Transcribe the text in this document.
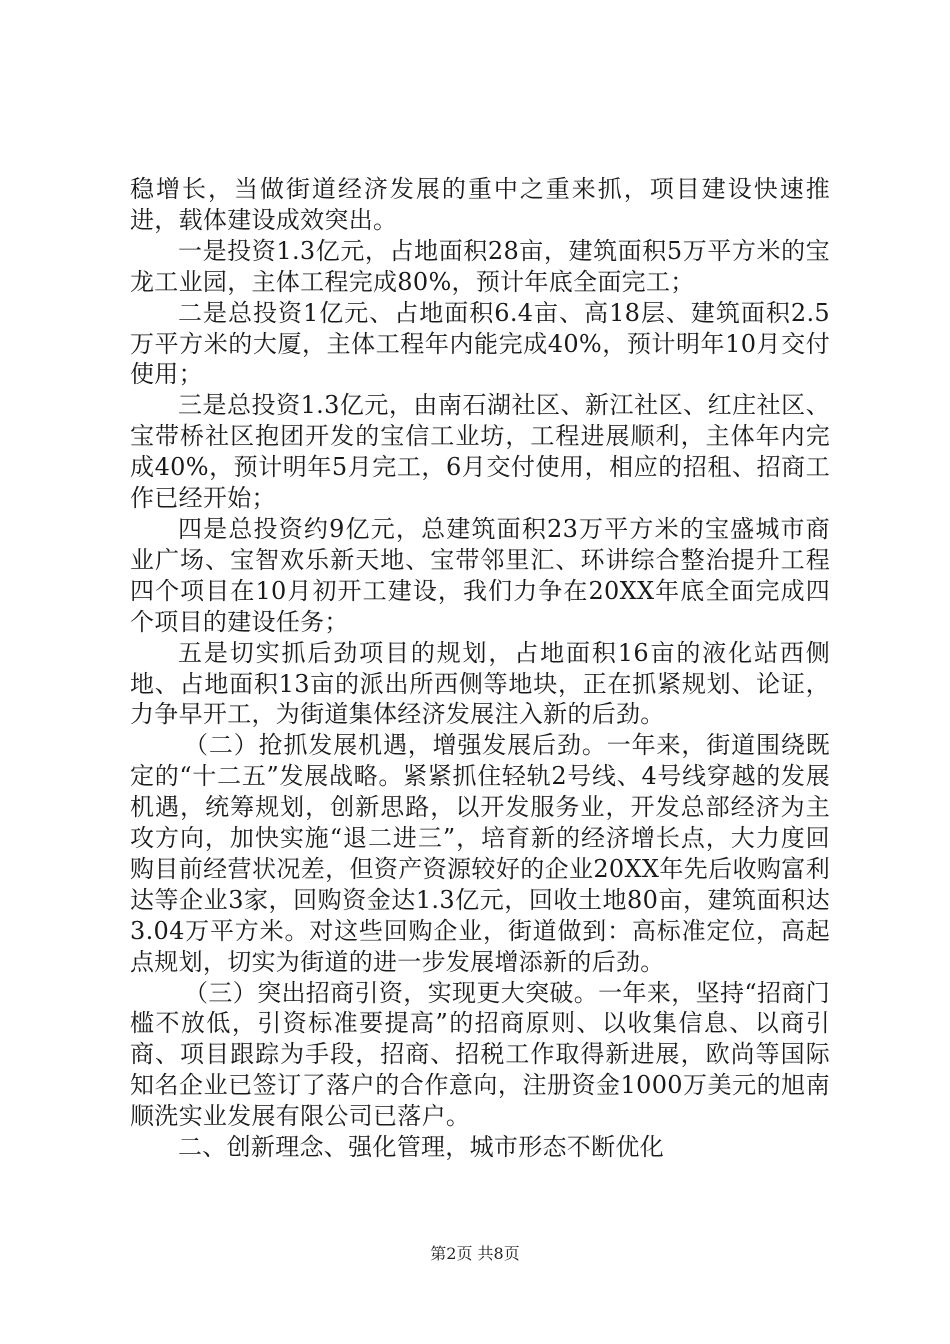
稳增长，当做街道经济发展的重中之重来抓，项目建设快速推进，载体建设成效突出。

一是投资1.3亿元，占地面积28亩，建筑面积5万平方米的宝龙工业园，主体工程完成80%，预计年底全面完工；

二是总投资1亿元、占地面积6.4亩、高18层、建筑面积2.5万平方米的大厦，主体工程年内能完成40%，预计明年10月交付使用；

三是总投资1.3亿元，由南石湖社区、新江社区、红庄社区、宝带桥社区抱团开发的宝信工业坊，工程进展顺利，主体年内完成40%，预计明年5月完工，6月交付使用，相应的招租、招商工作已经开始；

四是总投资约9亿元，总建筑面积23万平方米的宝盛城市商业广场、宝智欢乐新天地、宝带邻里汇、环讲综合整治提升工程四个项目在10月初开工建设，我们力争在20XX年底全面完成四个项目的建设任务；

五是切实抓后劲项目的规划，占地面积16亩的液化站西侧地、占地面积13亩的派出所西侧等地块，正在抓紧规划、论证，力争早开工，为街道集体经济发展注入新的后劲。

（二）抢抓发展机遇，增强发展后劲。一年来，街道围绕既定的“十二五”发展战略。紧紧抓住轻轨2号线、4号线穿越的发展机遇，统筹规划，创新思路，以开发服务业，开发总部经济为主攻方向，加快实施“退二进三”，培育新的经济增长点，大力度回购目前经营状况差，但资产资源较好的企业20XX年先后收购富利达等企业3家，回购资金达1.3亿元，回收土地80亩，建筑面积达3.04万平方米。对这些回购企业，街道做到：高标准定位，高起点规划，切实为街道的进一步发展增添新的后劲。

（三）突出招商引资，实现更大突破。一年来，坚持“招商门槛不放低，引资标准要提高”的招商原则、以收集信息、以商引商、项目跟踪为手段，招商、招税工作取得新进展，欧尚等国际知名企业已签订了落户的合作意向，注册资金1000万美元的旭南顺洗实业发展有限公司已落户。

二、创新理念、强化管理，城市形态不断优化

第2页 共8页
